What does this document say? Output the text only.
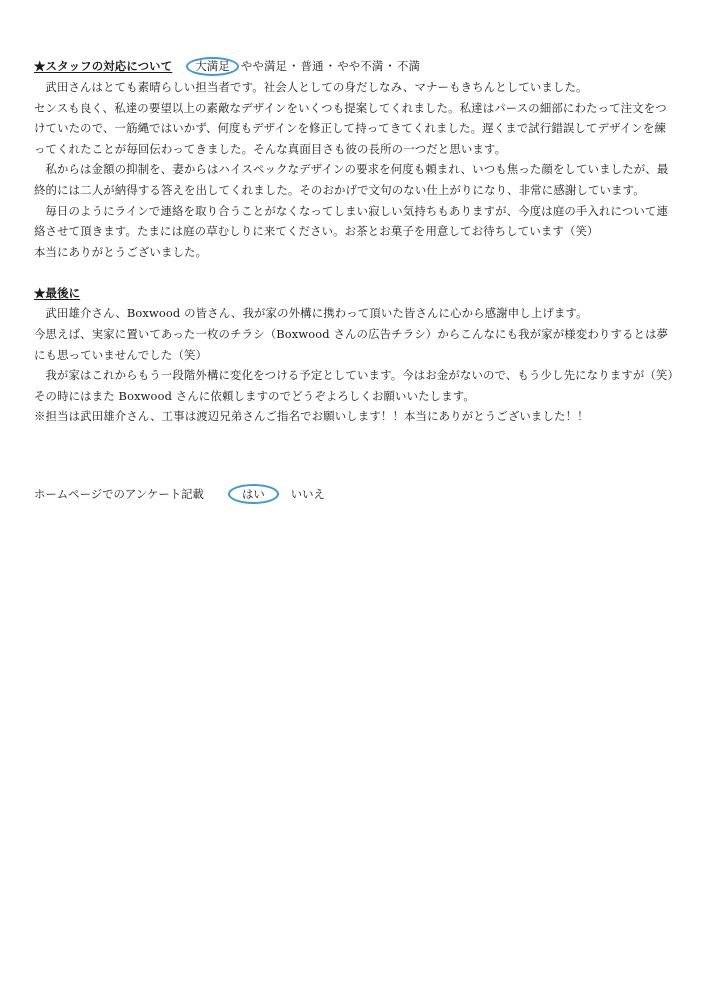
★スタッフの対応について	大満足 やや満足 ・ 普通 ・ やや不満 ・ 不満

武田さんはとても素晴らしい担当者です。社会人としての身だしなみ、マナーもきちんとしていました。

センスも良く、私達の要望以上の素敵なデザインをいくつも提案してくれました。私達はパースの細部にわたって注文をつけていたので、一筋縄ではいかず、何度もデザインを修正して持ってきてくれました。遅くまで試行錯誤してデザインを練ってくれたことが毎回伝わってきました。そんな真面目さも彼の長所の一つだと思います。

私からは金額の抑制を、妻からはハイスペックなデザインの要求を何度も頼まれ、いつも焦った顔をしていましたが、最終的には二人が納得する答えを出してくれました。そのおかげで文句のない仕上がりになり、非常に感謝しています。

毎日のようにラインで連絡を取り合うことがなくなってしまい寂しい気持ちもありますが、今度は庭の手入れについて連絡させて頂きます。たまには庭の草むしりに来てください。お茶とお菓子を用意してお待ちしています（笑）

本当にありがとうございました。

★最後に

武田雄介さん、Boxwood の皆さん、我が家の外構に携わって頂いた皆さんに心から感謝申し上げます。

今思えば、実家に置いてあった一枚のチラシ（Boxwood さんの広告チラシ）からこんなにも我が家が様変わりするとは夢にも思っていませんでした（笑）

我が家はこれからもう一段階外構に変化をつける予定としています。今はお金がないので、もう少し先になりますが（笑）その時にはまた Boxwood さんに依頼しますのでどうぞよろしくお願いいたします。

※担当は武田雄介さん、工事は渡辺兄弟さんご指名でお願いします！！本当にありがとうございました！！

ホームページでのアンケート記載	はい	いいえ
